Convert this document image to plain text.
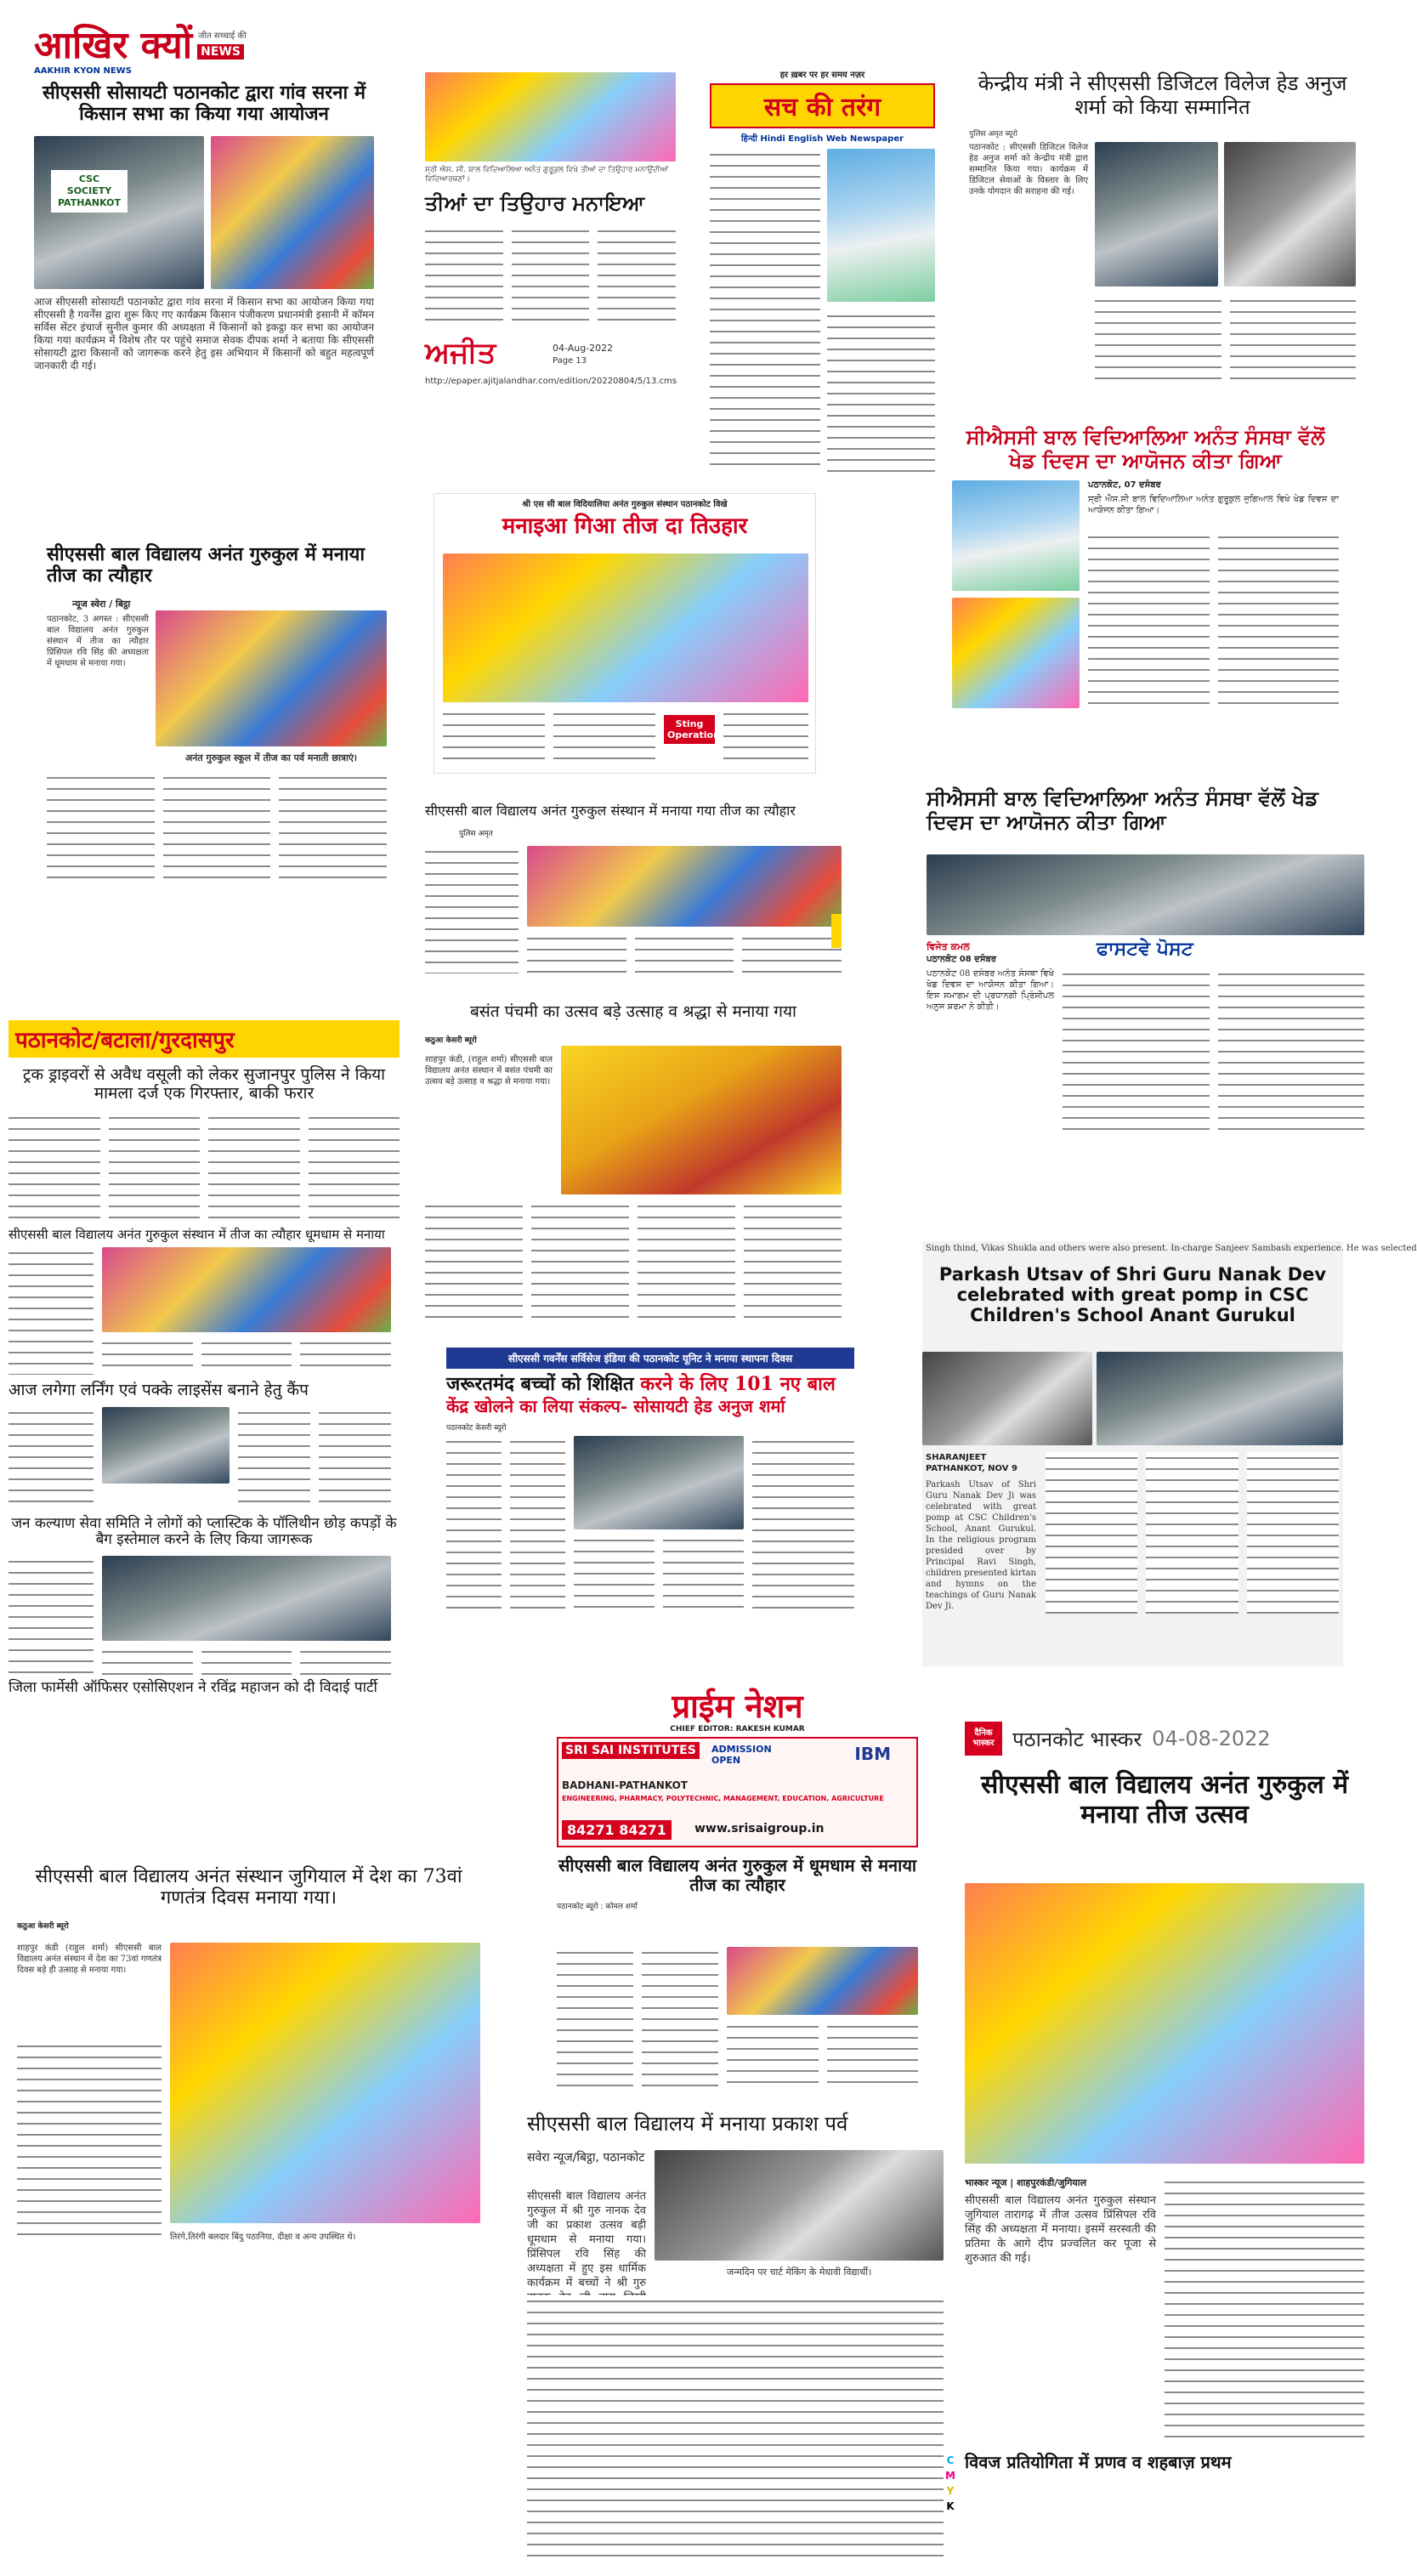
आखिर क्यों NEWS
जीत सच्चाई की
AAKHIR KYON NEWS
सीएससी सोसायटी पठानकोट द्वारा गांव सरना में किसान सभा का किया गया आयोजन
CSC SOCIETY PATHANKOT
आज सीएससी सोसायटी पठानकोट द्वारा गांव सरना में किसान सभा का आयोजन किया गया सीएससी है गवर्नेंस द्वारा शुरू किए गए कार्यक्रम किसान पंजीकरण प्रधानमंत्री इसानी में कॉमन सर्विस सेंटर इंचार्ज सुनील कुमार की अध्यक्षता में किसानों को इकट्ठा कर सभा का आयोजन किया गया कार्यक्रम में विशेष तौर पर पहुंचे समाज सेवक दीपक शर्मा ने बताया कि सीएससी सोसायटी द्वारा किसानों को जागरूक करने हेतु इस अभियान में किसानों को बहुत महत्वपूर्ण जानकारी दी गई।
ਸ੍ਰੀ ਐਸ. ਸੀ. ਬਾਲ ਵਿਦਿਆਲਿਆ ਅਨੰਤ ਗੁਰੂਕੁਲ ਵਿਖੇ ਤੀਆਂ ਦਾ ਤਿਉਹਾਰ ਮਨਾਉਂਦੀਆਂ ਵਿਦਿਆਰਥਣਾਂ।
ਤੀਆਂ ਦਾ ਤਿਉਹਾਰ ਮਨਾਇਆ
ਅਜੀਤ	04-Aug-2022
Page 13
http://epaper.ajitjalandhar.com/edition/20220804/5/13.cms
हर ख़बर पर हर समय नज़र
सच की तरंग
हिन्दी Hindi English Web Newspaper
केन्द्रीय मंत्री ने सीएससी डिजिटल विलेज हेड अनुज शर्मा को किया सम्मानित
पुलिस अमृत ब्यूरो
पठानकोट : सीएससी डिजिटल विलेज हेड अनुज शर्मा को केन्द्रीय मंत्री द्वारा सम्मानित किया गया। कार्यक्रम में डिजिटल सेवाओं के विस्तार के लिए उनके योगदान की सराहना की गई।
ਸੀਐਸਸੀ ਬਾਲ ਵਿਦਿਆਲਿਆ ਅਨੰਤ ਸੰਸਥਾ ਵੱਲੋਂ ਖੇਡ ਦਿਵਸ ਦਾ ਆਯੋਜਨ ਕੀਤਾ ਗਿਆ
ਪਠਾਨਕੋਟ, 07 ਦਸੰਬਰ
ਸ੍ਰੀ ਐਸ.ਸੀ ਬਾਲ ਵਿਦਿਆਲਿਆ ਅਨੰਤ ਗੁਰੂਕੁਲ ਜੁਗਿਆਲ ਵਿਖੇ ਖੇਡ ਦਿਵਸ ਦਾ ਆਯੋਜਨ ਕੀਤਾ ਗਿਆ।
सीएससी बाल विद्यालय अनंत गुरुकुल में मनाया तीज का त्यौहार
न्यूज स्वेरा / बिट्ठा
पठानकोट, 3 अगस्त : सीएससी बाल विद्यालय अनंत गुरुकुल संस्थान में तीज का त्यौहार प्रिंसिपल रवि सिंह की अध्यक्षता में धूमधाम से मनाया गया।
अनंत गुरुकुल स्कूल में तीज का पर्व मनाती छात्राएं।
श्री एस सी बाल विदियालिया अनंत गुरुकुल संस्थान पठानकोट विखे
मनाइआ गिआ तीज दा तिउहार
Sting Operation
सीएससी बाल विद्यालय अनंत गुरुकुल संस्थान में मनाया गया तीज का त्यौहार
पुलिस अमृत
ਸੀਐਸਸੀ ਬਾਲ ਵਿਦਿਆਲਿਆ ਅਨੰਤ ਸੰਸਥਾ ਵੱਲੋਂ ਖੇਡ ਦਿਵਸ ਦਾ ਆਯੋਜਨ ਕੀਤਾ ਗਿਆ
ਵਿਜੇਤ ਕਮਲ
ਪਠਾਨਕੋਟ 08 ਦਸੰਬਰ
ਪਠਾਨਕੋਟ 08 ਦਸੰਬਰ ਅਨੰਤ ਸੰਸਥਾ ਵਿਖੇ ਖੇਡ ਦਿਵਸ ਦਾ ਆਯੋਜਨ ਕੀਤਾ ਗਿਆ। ਇਸ ਸਮਾਗਮ ਦੀ ਪ੍ਰਧਾਨਗੀ ਪ੍ਰਿੰਸੀਪਲ ਅਨੁਜ ਸ਼ਰਮਾ ਨੇ ਕੀਤੀ।
ਫਾਸਟਵੇ ਪੋਸਟ
पठानकोट/बटाला/गुरदासपुर
ट्रक ड्राइवरों से अवैध वसूली को लेकर सुजानपुर पुलिस ने किया मामला दर्ज एक गिरफ्तार, बाकी फरार
सीएससी बाल विद्यालय अनंत गुरुकुल संस्थान में तीज का त्यौहार धूमधाम से मनाया
आज लगेगा लर्निंग एवं पक्के लाइसेंस बनाने हेतु कैंप
जन कल्याण सेवा समिति ने लोगों को प्लास्टिक के पॉलिथीन छोड़ कपड़ों के बैग इस्तेमाल करने के लिए किया जागरूक
जिला फार्मेसी ऑफिसर एसोसिएशन ने रविंद्र महाजन को दी विदाई पार्टी
बसंत पंचमी का उत्सव बड़े उत्साह व श्रद्धा से मनाया गया
कठुआ केसरी ब्यूरो
शाहपुर कंडी, (राहुल शर्मा) सीएससी बाल विद्यालय अनंत संस्थान में बसंत पंचमी का उत्सव बड़े उत्साह व श्रद्धा से मनाया गया।
सीएससी गवर्नेंस सर्विसेज इंडिया की पठानकोट यूनिट ने मनाया स्थापना दिवस
जरूरतमंद बच्चों को शिक्षित करने के लिए 101 नए बाल
केंद्र खोलने का लिया संकल्प- सोसायटी हेड अनुज शर्मा
पठानकोट केसरी ब्यूरो
Singh thind, Vikas Shukla and others were also present. In-charge Sanjeev Sambash experience. He was selected
Parkash Utsav of Shri Guru Nanak Dev celebrated with great pomp in CSC Children's School Anant Gurukul
SHARANJEET PATHANKOT, NOV 9
Parkash Utsav of Shri Guru Nanak Dev Ji was celebrated with great pomp at CSC Children's School, Anant Gurukul. In the religious program presided over by Principal Ravi Singh, children presented kirtan and hymns on the teachings of Guru Nanak Dev Ji.
प्राईम नेशन
CHIEF EDITOR: RAKESH KUMAR
SRI SAI INSTITUTES	ADMISSION OPEN	IBM
BADHANI-PATHANKOT
ENGINEERING, PHARMACY, POLYTECHNIC, MANAGEMENT, EDUCATION, AGRICULTURE
84271 84271	www.srisaigroup.in
सीएससी बाल विद्यालय अनंत गुरुकुल में धूमधाम से मनाया तीज का त्यौहार
पठानकोट ब्यूरो : कोमल शर्मा
दैनिक भास्कर पठानकोट भास्कर 04-08-2022
सीएससी बाल विद्यालय अनंत गुरुकुल में मनाया तीज उत्सव
भास्कर न्यूज | शाहपुरकंडी/जुगियाल
सीएससी बाल विद्यालय अनंत गुरुकुल संस्थान जुगियाल तारागढ़ में तीज उत्सव प्रिंसिपल रवि सिंह की अध्यक्षता में मनाया। इसमें सरस्वती की प्रतिमा के आगे दीप प्रज्वलित कर पूजा से शुरुआत की गई।
विवज प्रतियोगिता में प्रणव व शहबाज़ प्रथम
सीएससी बाल विद्यालय अनंत संस्थान जुगियाल में देश का 73वां गणतंत्र दिवस मनाया गया।
कठुआ केसरी ब्यूरो
शाहपुर कंडी (राहुल शर्मा) सीएससी बाल विद्यालय अनंत संस्थान में देश का 73वां गणतंत्र दिवस बड़े ही उत्साह से मनाया गया।
तिरंगे,तिरंगी बलदार बिंदु पठानिया, दीक्षा व अन्य उपस्थित थे।
सीएससी बाल विद्यालय में मनाया प्रकाश पर्व
सवेरा न्यूज/बिट्ठा, पठानकोट
सीएससी बाल विद्यालय अनंत गुरुकुल में श्री गुरु नानक देव जी का प्रकाश उत्सव बड़ी धूमधाम से मनाया गया। प्रिंसिपल रवि सिंह की अध्यक्षता में हुए इस धार्मिक कार्यक्रम में बच्चों ने श्री गुरु
जन्मदिन पर चार्ट मेकिंग के मेधावी विद्यार्थी।
C
M
Y
K
